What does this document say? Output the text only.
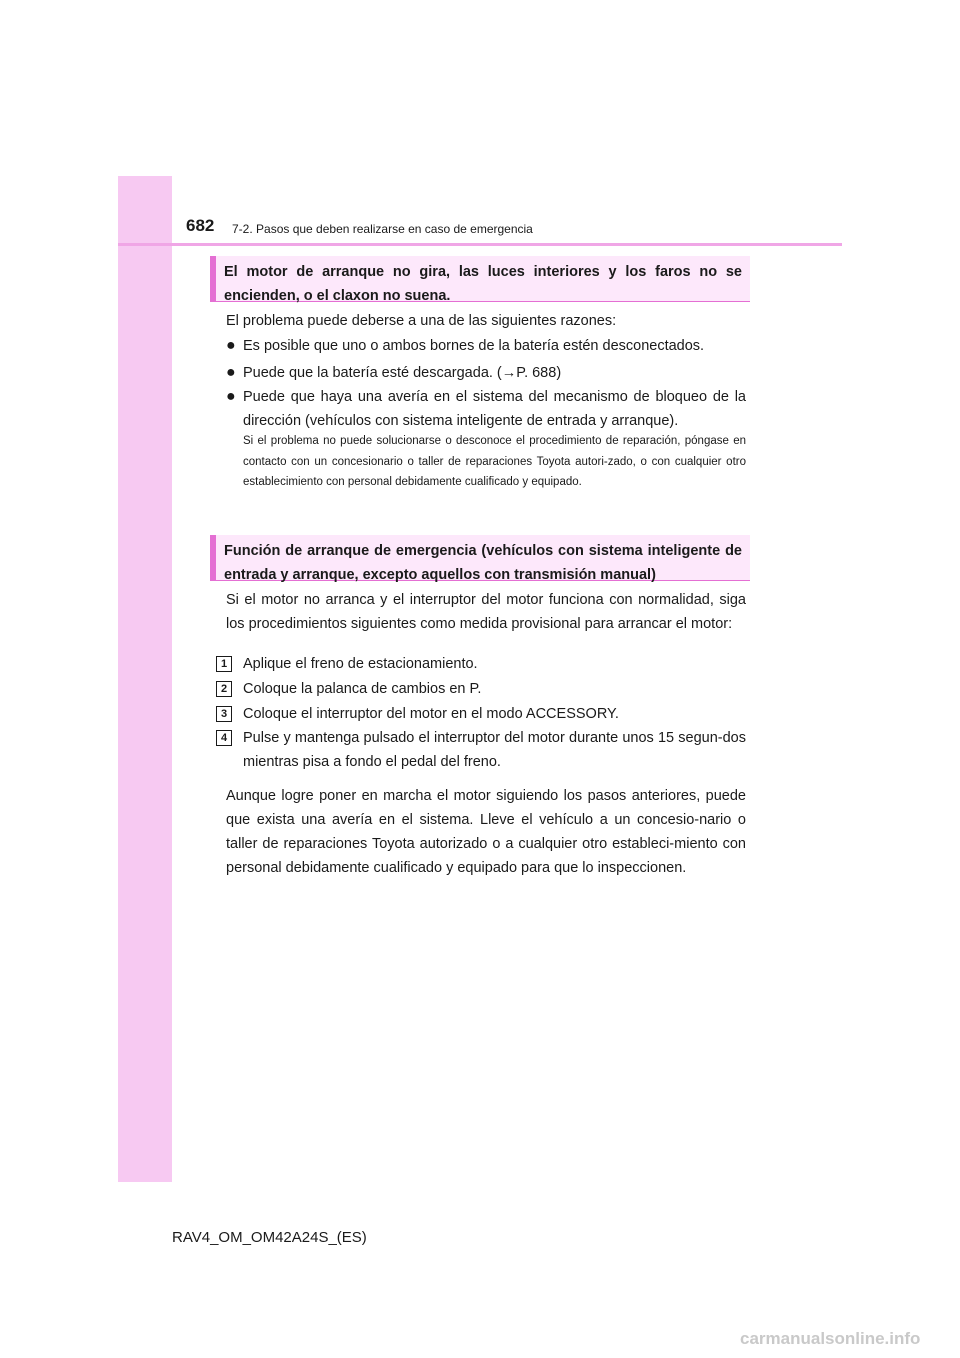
682 7-2. Pasos que deben realizarse en caso de emergencia
El motor de arranque no gira, las luces interiores y los faros no se encienden, o el claxon no suena.
El problema puede deberse a una de las siguientes razones:
● Es posible que uno o ambos bornes de la batería estén desconectados.
● Puede que la batería esté descargada. (→P. 688)
● Puede que haya una avería en el sistema del mecanismo de bloqueo de la dirección (vehículos con sistema inteligente de entrada y arranque).
Si el problema no puede solucionarse o desconoce el procedimiento de reparación, póngase en contacto con un concesionario o taller de reparaciones Toyota autori-zado, o con cualquier otro establecimiento con personal debidamente cualificado y equipado.
Función de arranque de emergencia (vehículos con sistema inteligente de entrada y arranque, excepto aquellos con transmisión manual)
Si el motor no arranca y el interruptor del motor funciona con normalidad, siga los procedimientos siguientes como medida provisional para arrancar el motor:
1	Aplique el freno de estacionamiento.
2	Coloque la palanca de cambios en P.
3	Coloque el interruptor del motor en el modo ACCESSORY.
4	Pulse y mantenga pulsado el interruptor del motor durante unos 15 segun-dos mientras pisa a fondo el pedal del freno.
Aunque logre poner en marcha el motor siguiendo los pasos anteriores, puede que exista una avería en el sistema. Lleve el vehículo a un concesio-nario o taller de reparaciones Toyota autorizado o a cualquier otro estableci-miento con personal debidamente cualificado y equipado para que lo inspeccionen.
RAV4_OM_OM42A24S_(ES)
carmanualsonline.info
